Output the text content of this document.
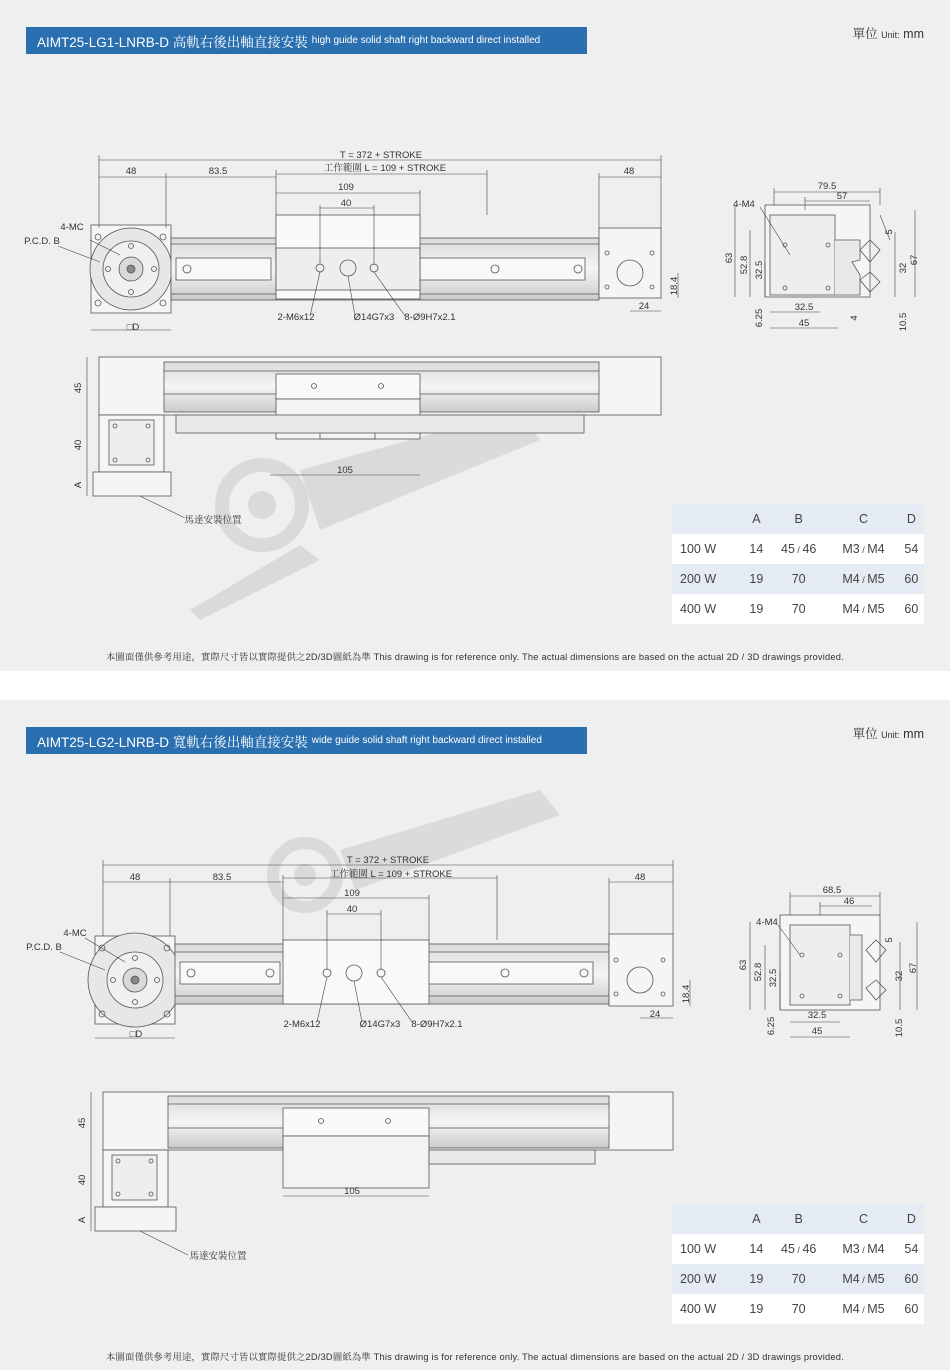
AIMT25-LG1-LNRB-D 高軌右後出軸直接安裝 high guide solid shaft right backward direct installed	單位 Unit: mm
T = 372 + STROKE
工作範圍 L = 109 + STROKE
48	83.5
109
40
48
4-MC
P.C.D. B
□D
2-M6x12	Ø14G7x3 8-Ø9H7x2.1
24
18.4
45
40
A
105
馬達安裝位置
79.5
57
4-M4
63 52.8 32.5
6.25
32.5
45	4
5
32
67
10.5
	A	B	C	D
100 W	14	45 / 46	M3 / M4	54
200 W	19	70	M4 / M5	60
400 W	19	70	M4 / M5	60
本圖面僅供參考用途，實際尺寸皆以實際提供之2D/3D圖紙為準 This drawing is for reference only. The actual dimensions are based on the actual 2D / 3D drawings provided.
AIMT25-LG2-LNRB-D 寬軌右後出軸直接安裝 wide guide solid shaft right backward direct installed	單位 Unit: mm
T = 372 + STROKE
工作範圍 L = 109 + STROKE
48	83.5
109
40
48
4-MC
P.C.D. B
□D
2-M6x12	Ø14G7x3 8-Ø9H7x2.1
24
18.4
45
40
A
105
馬達安裝位置
68.5
46
4-M4
63 52.8 32.5
6.25
32.5
45
5
32
67
10.5
	A	B	C	D
100 W	14	45 / 46	M3 / M4	54
200 W	19	70	M4 / M5	60
400 W	19	70	M4 / M5	60
本圖面僅供參考用途，實際尺寸皆以實際提供之2D/3D圖紙為準 This drawing is for reference only. The actual dimensions are based on the actual 2D / 3D drawings provided.
